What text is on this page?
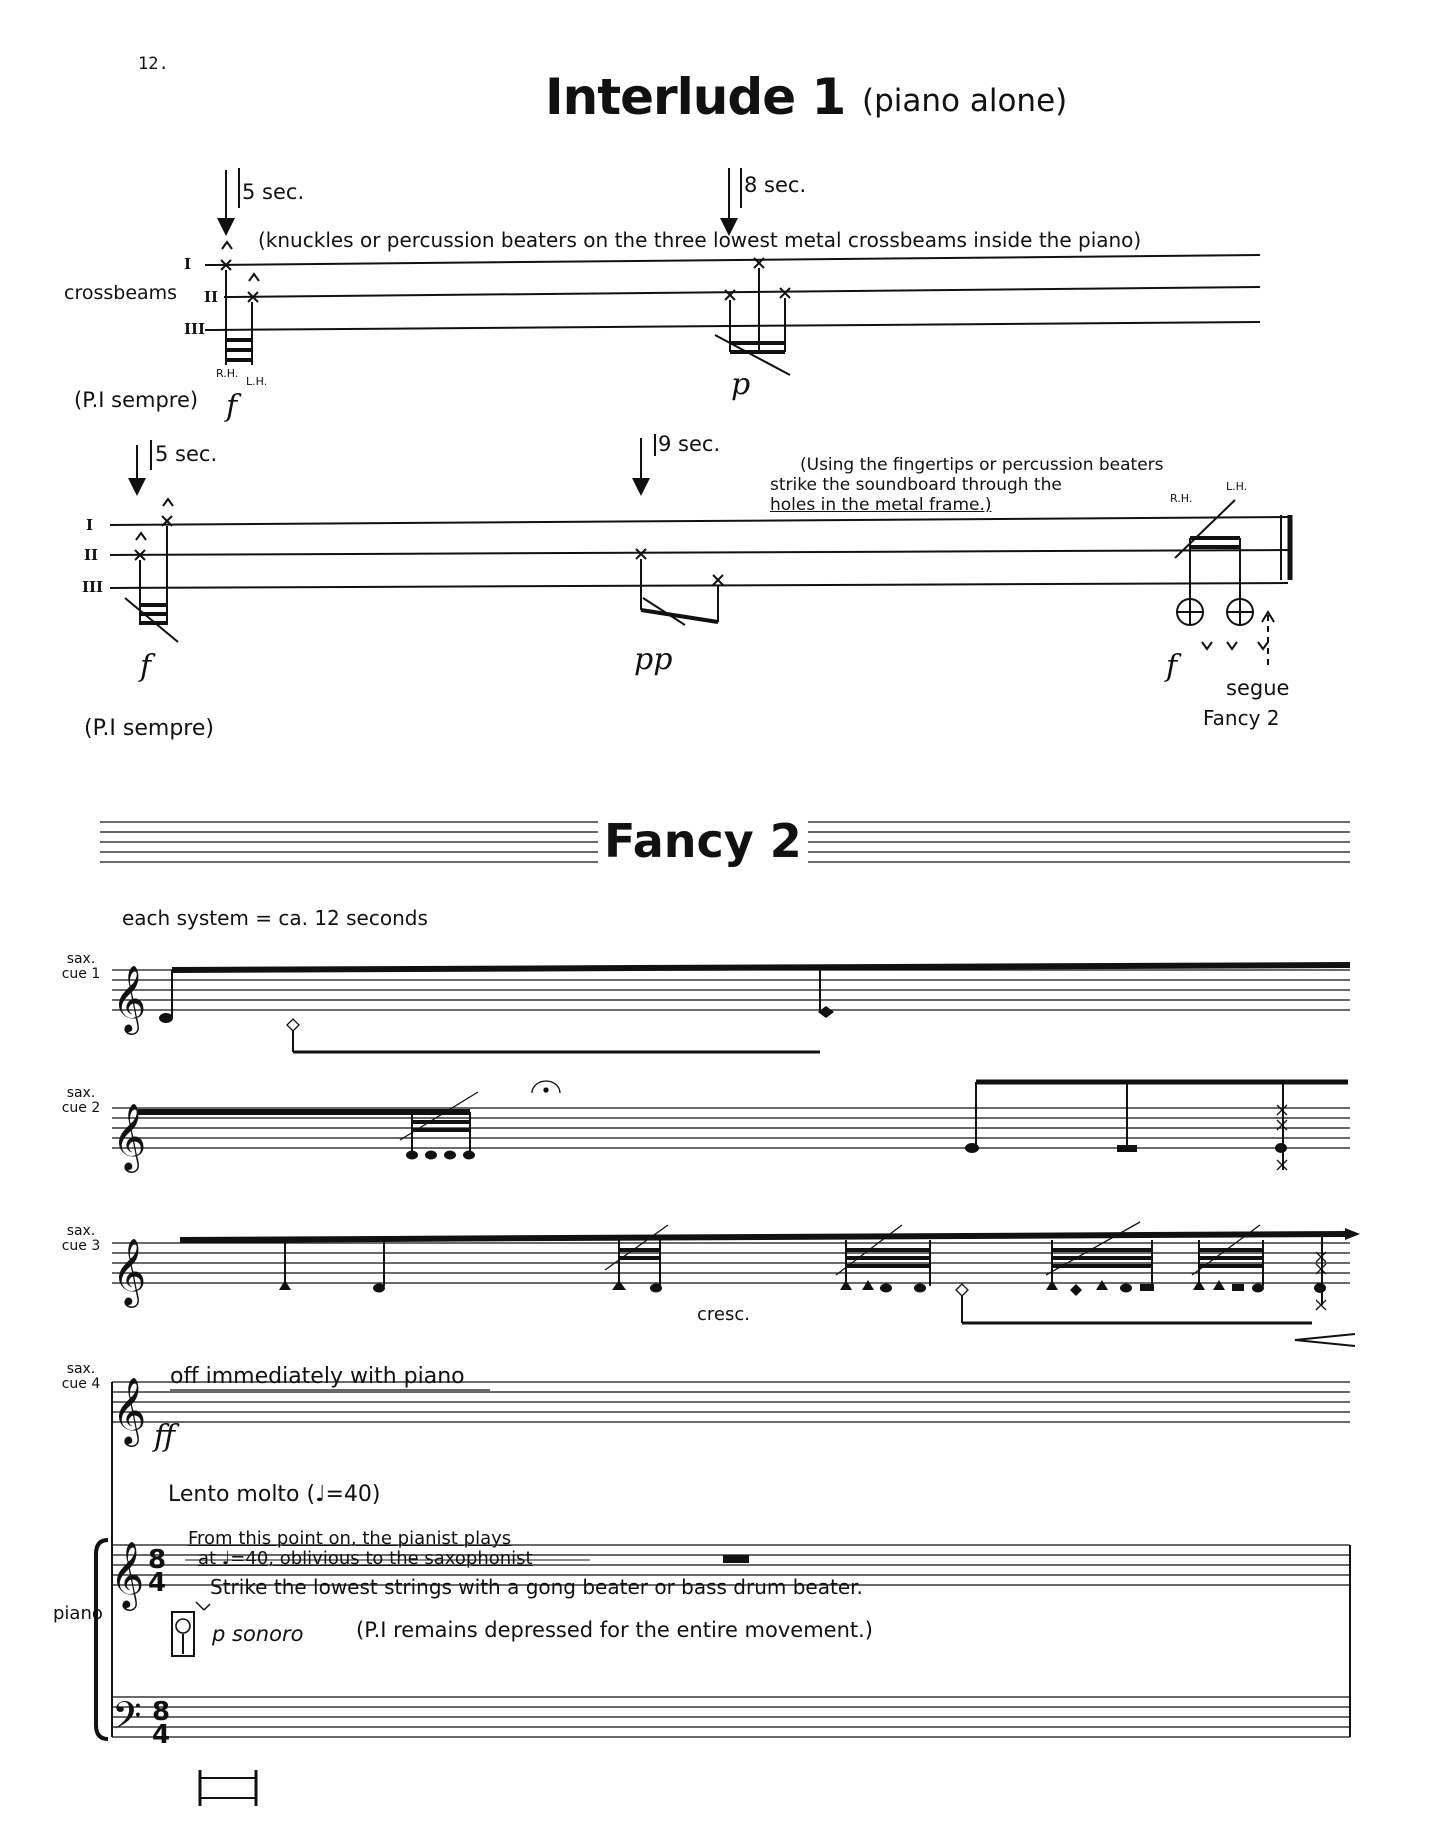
𝄞
𝄞
𝄞
𝄞
𝄞
𝄢
8
4
8
4
12.
Interlude 1 (piano alone)
5 sec.	8 sec.
(knuckles or percussion beaters on the three lowest metal crossbeams inside the piano)
I
crossbeams II
III
R.H.
L.H.
f
p
(P.I sempre)
5 sec.	9 sec.
(Using the fingertips or percussion beaters
strike the soundboard through the
holes in the metal frame.)	R.H.
L.H.
I
II
III
f	pp	f
segue
Fancy 2
(P.I sempre)
Fancy 2
each system = ca. 12 seconds
sax. cue 1
sax. cue 2
sax. cue 3
cresc.
sax. cue 4	off immediately with piano
ff
Lento molto (♩=40)
From this point on, the pianist plays
at ♩=40, oblivious to the saxophonist
Strike the lowest strings with a gong beater or bass drum beater.
piano
p sonoro	(P.I remains depressed for the entire movement.)
